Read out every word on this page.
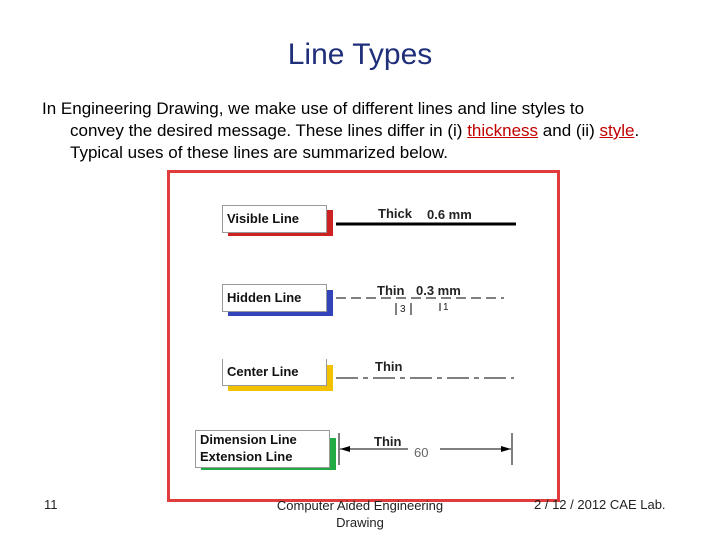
Line Types
In Engineering Drawing, we make use of different lines and line styles to
convey the desired message. These lines differ in (i) thickness and (ii) style.
Typical uses of these lines are summarized below.
Visible Line	Thick 0.6 mm
Hidden Line	Thin 0.3 mm
3	1
Center Line	Thin
Dimension Line
Extension Line
Thin
60
11	Computer Aided Engineering
Drawing
2 / 12 / 2012 CAE Lab.
